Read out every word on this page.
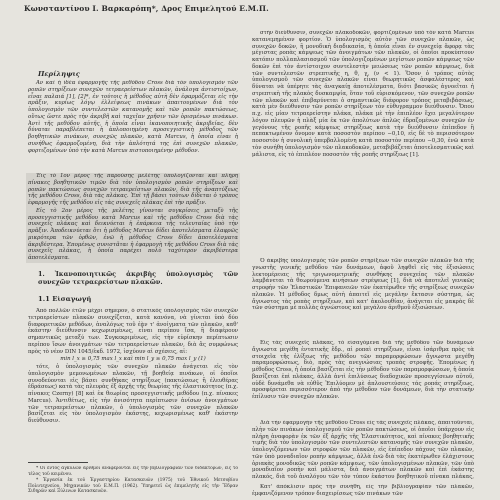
Κωνσταντίνου Ι. Βαρκαρόπη*, Δρος Επιμελητού Ε.Μ.Π.
Περίληψις

Ἀν καὶ ἡ ἰδέα ἐφαρμογῆς τῆς μεθόδου Cross διὰ τὸν ὑπολογισμὸν τῶν ροπῶν στηρίξεων συνεχῶν τετραερείστων πλακῶν, ἀνάλογα ἀντιστοίχων, εἶναι παλαιά [1], [2]*, ἐν τούτοις ἡ μέθοδος αὐτὴ δὲν ἐφαρμόζεται εἰς τὴν πρᾶξιν, κυρίως λόγῳ ἐλλείψεως πινάκων ἀπαιτουμένων διὰ τὸν ὑπολογισμὸν τῶν συντελεστῶν κατανομῆς καὶ τῶν ροπῶν πακτώσεως, οὕτως ὥστε πρὸς τὴν ἀκριβῆ καὶ ταχεῖαν χρῆσιν τῶν ὁρισμένων πινάκων. Ἀντὶ τῆς μεθόδου αὐτῆς, ἡ ὁποία εἶναι ἱκανοποιητικῆς ἀκριβείας, δὲν δύναται παραβλέπεται ἡ ἀπλοποιημένη προσεγγιστικὴ μέθοδος τῶν βοηθητικῶν πινάκων, συνεχῶς πλακῶν, κατὰ Marcus, ἡ ὁποία εἶναι ἡ συνήθως ἐφαρμοζομένη, διὰ τὴν ἀπλότητά της ἐπὶ συνεχῶν πλακῶν, φορτιζομένων ὑπὸ τὴν κατὰ Marcus πιστοποιημένην μέθοδον.

Ἐις τὸ 1ον μέρος τῆς παρούσης μελέτης ὑπολογίζονται καὶ πλήρη πίνακες βοηθητικῶν τιμῶν διὰ τὸν ὑπολογισμὸν ροπῶν στηρίξεων καὶ ροπῶν πακτώσεως συνεχῶν τετραερείστων πλακῶν, διὰ τῆς ἀναπτύξεως τῆς μεθόδου Cross, διὰ τὰς πλάκας. Ἐπὶ τῇ βάσει τούτων δίδεται ὁ τρόπος ἐφαρμογῆς τῆς μεθόδου εἰς τὰς συνεχεῖς πλάκας ἐπὶ τὴν πρᾶξιν.

Εἰς τὸ 2ον μέρος τῆς μελέτης γίνονται συγκρίσεις μεταξὺ τῆς προσεγγιστικῆς μεθόδου κατὰ Marcus καὶ τῆς μεθόδου Cross διὰ τὰς συνεχεῖς πλάκας καὶ δεικνύεται ἡ ἐπάρκεια τῆς τελευταίας ὑπὸ τὴν πρᾶξιν. Ἀποδεικνύεται ὅτι ἡ μέθοδος Marcus δίδει ἀποτελέσματα ἐλαφρῶς μικρότερα τῶν ὀρθῶν, ἐνῶ ἡ μέθοδος Cross δίδει ἀποτελέσματα ἀκριβέστερα. Ἑπομένως συνιστᾶται ἡ ἐφαρμογὴ τῆς μεθόδου Cross διὰ τὰς συνεχεῖς πλάκας, ἡ ὁποία παρέχει πολὺ ταχύτερον ἀκριβέστερα ἀποτελέσματα.

1. Ἰκανοποιητικῶς ἀκριβὴς ὑπολογισμὸς τῶν συνεχῶν τετραερείστων πλακῶν.
1.1 Εἰσαγωγή

Ἀπὸ πολλῶν ἐτῶν μέχρι σήμερον, ὁ στατικὸς ὑπολογισμὸς τῶν συνεχῶν τετραερείστων πλακῶν συνεχίζεται, κατὰ κανόνα, νὰ γίνεται ὑπὸ δύο διαφορετικῶν μεθόδων, ἀναλόγως τοῦ ἐὰν τ' ἀνοίγματα τῶν πλακῶν, καθ' ἑκάστην διεύθυνσιν κεχωρισμένως, εἶναι περίπου ἴσα, ἢ διαφέρουν σημαντικῶς μεταξύ των. Συγκεκριμένως, εἰς τὴν εὑρίσκην περίπτωσιν περίπου ἴσων ἀνοιγμάτων τῶν τετραερείστων πλακῶν, διὰ ἃς συμφώνως πρὸς τὸ νέον DIN 1045/ἑκδ. 1972, ἰσχύουν αἱ σχέσεις, αἱ:

min l_x ≥ 0,75 max l_x καὶ min l_y ≥ 0,75 max l_y (1)

τότε, ὁ ὑπολογισμὸς τῶν συνεχῶν πλακῶν ἀνάγεται εἰς τὸν ὑπολογισμὸν μεμονωμένων πλακῶν, τῇ βοηθείᾳ πινάκων, οἱ ὁποῖοι συνοδεύονται εἰς βάσει συνθήκας στηρίξεως (πακτώσεως ἢ ἐλευθέρας ἐδράσεως) κατὰ τὰς πλευρὰς ἐξ ἀρχῆς τῆς θεωρίας τῆς ἐλαστικότητος (π.χ. πίνακες Czerny) [8] καὶ ἐκ θεωρίας προσεγγιστικῆς μεθόδου (π.χ. πίνακες Marcus). Ἀντιθέτως, εἰς τὴν ἀνισότητα περίπτωσιν ἀνίσων ἀνοιγμάτων τῶν τετραερείστων πλακῶν, ὁ ὑπολογισμὸς τῶν συνεχῶν πλακῶν βασίζεται εἰς τὸν ὑπολογισμὸν ἐκάστης, κεχωρισμένως καθ' ἑκάστην διεύθυνσιν.

* Οἱ ἐντὸς ἀγκυλῶν ἀριθμοὶ ἀναφέρονται εἰς τὴν βιβλιογραφίαν τῶν διδακτόρων, εἰς τὸ τέλος τοῦ κειμένου.

* Ἐργασία ἐκ τοῦ Ἐργαστηρίου Κατασκευῶν (1975) τοῦ Ἐθνικοῦ Μετσοβίου Πολυτεχνείου, Μηχανικῶν τοῦ Ε.Μ.Π. (1962). Ὑπηρετεῖ ὡς ἐπιμελητὴς εἰς τὴν Ἕδραν Σιδηρῶν καὶ Ξύλινων Κατασκευῶν.

στὴν διεύθυνσιν, συνεχῶν πλακοδοκῶν, φορτιζομένων ὑπὸ τὸν κατὰ Marcus κατανεμημένον φορτίον. Ὁ ὑπολογισμὸς αὐτὸν τῶν συνεχῶν πλακῶν, ὡς συνεχῶν δοκῶν, ἢ μονοδικὴ διαδικασία, ἡ ὁποία εἶναι ἐν συνεχείᾳ ἄφορᾳ τὰς μέγιστας ροπὰς κάμψεως τῶν ἀνοιγμάτων τῶν πλακῶν, οἱ ὁποῖοι προκύπτουν κατόπιν πολλαπλασιασμοῦ τῶν ὑπολογιζομένων μεγίστων ροπῶν κάμψεως τῶν δοκῶν ἐπὶ τὸν ἀντίστοιχον συντελεστὴν μειώσεως τῶν ροπῶν κάμψεως, διὰ τῶν συντελεστῶν στρεπτικῆς η, θ, γ, (ν < 1). Ὅσον ὁ τρόπος αὐτὸς ὑπολογισμοῦ τῶν συνεχῶν πλακῶν εἶναι θεωρητικῶς ἀσφαλέστερος καὶ δύναται νὰ ὑπέρητε τὰς ἀναγκαίῃ ἀποτελέσματα, διότι βασικῶς ἀγνοεῖται ἡ στρεπτικὴ τῆς πλακὸς δυσκαμψία, ὅταν τοῦ εὐρισκόμενον, τῶν συνεχῶν ροπῶν τῶν πλακῶν καὶ ἐπιβαρύνεται ὁ σημαντικῶς διάφορον τρόπος μεταβιβάσεως, κατὰ μὲν διεύθυνσιν τῶν ροπῶν στηρίξεων τὸν εὐθυγραμμον διεύθυνσιν. Ὄπου π.χ. εἰς μίαν τετραερείστην πλάκα, πλάκα μὲ τὴν ἐπιπλέον ἔχει μεγαλύτερον λόγον πλευρῶν ἡ πλὰξ μία ἐκ τῶν ἀπολύτων ἀπλῶς ἐδραζομένων συνεχῶν ἐν γεγόνους τῆς ροπῆς κάμψεως στηρίξεως κατὰ τὴν διεύθυνσιν ἐπίπεδον ἢ πεπακτωμένον ὄνομον κατὰ ποσοστὸν περίπου −0,10, εἰς δὲ τὸ περισσότερον ποσοστὸν ἡ συνολικὴ ὑπερβαλλομένη κατὰ ποσοστὸν περίπου −0,30, ἐνῶ κατὰ τὸν συνήθη ὑπολογισμὸν τῶν πλακοδοκῶν, μεταβιβάζεται ἀποτελεσματικῶς καὶ μάλιστα, εἰς τὸ ἐπιπλέον ποσοστὸν τῆς ροπῆς στηρίξεως [1].

Ὁ ἀκριβὴς ὑπολογισμὸς τῶν ροπῶν στηρίξεων τῶν συνεχῶν πλακῶν διὰ τῆς γνωστῆς γενικῆς μεθόδου τῶν δυνάμεων, ἀφοῦ ληφθεῖ εἰς τὰς ἐξισώσεις λεκτομέρειας τῆς τριγωνομετρικῆς συνθήκης συνεχείας τῶν πλακῶν λαμβάνεται τὰ θεωρούμενα κινήσεων στρέψεως [1], διὰ νὰ ἀποτελεῖ γενικῶς στροφὴν τῶν Ἐλαστικῶν Ἐπιφανειῶν τῶν ἑκατέρωθεν τῆς στηρίξεως συνεχῶν πλακῶν. Ἡ μέθοδος δμως αὐτὴ ἀπαιτεῖ εἰς μεγάλην ἔκτασιν σύστημα, ὡς ἄγνωστος τὰς ροπὰς στηρίξεων, καὶ κατ' ἀκολουθίαν, ἀνάγεται εἰς μακρὰς δἐ τῶν σύστημα μὲ πολλὰς ἀγνώστους καὶ μεγάλου ἀριθμοῦ ἐξισώσεων.

Εἰς τὰς συνεχεῖς πλάκας, τὸ εἰσαγόμενα διὰ τῆς μεθόδου τῶν δυνάμεων ἄγνωστα μεγέθη ἐντατικῆς ἕδρ., αἱ ροπαὶ στηρίξεων, εἶναι ἰσάριθμα πρὸς τὰ στοιχεῖα τῆς ἐλίξεως τῆς μεθόδου τῶν παραμορφώσεων ἄγνωστα μεγέθη παραμορφώσεως, διὸ, πρὸς τὰς ανεγνώσιας τροπὰς στροφῆς. Ἑπομένως ἡ μέθοδος Cross, ἡ ὁποία βασίζεται εἰς τὴν μέθοδον τῶν παραμορφώσεων, ἡ ὁποία βασίζεται ἐπὶ πλάκας, ἀλλὰ ἀντὶ ἐπιλύσεως διαδοχικῶν προσεγγίσεων αὐτοῦ, οὐδὲ δυνάμεθα νὰ εὐθῦς Ἐπιλύομεν μὲ ἀπλουστεύσεις τάς ροπάς στηρίξεως, προσφέρεται περισσότερον ἀπὸ τὴν μέθοδον τῶν δυνάμεων, διὰ τὴν στατικὴν ἐπίλυσιν τῶν συνεχῶν πλακῶν.

Διὰ τὴν ἐφαρμογὴν τῆς μεθόδου Cross εἰς τὰς συνεχεῖς πλάκας, ἀπαιτοῦνται, πλὴν τῶν πινάκων ὑπολογισμοῦ τῶν ροπῶν πακτώσεως, οἱ ὁποῖοι ὑπάρχουν εἰς πλήρη ἀναφορὰν ἐκ τῶν ἐξ ἀρχῆς τῆς Ἐλαστικότητος, καὶ πίνακες βοηθητικῆς τιμῆς διὰ τὸν ὑπολογισμὸν τῶν συντελεστῶν κατανομῆς τῶν συνεχῶν πλακῶν, ὑπολογιζόμενων τῶν στροφῶν τῶν πλακῶν, εἰς ἐπίπεδον πάχους τῶν πλακῶν, τῶν ὑπὸ μοναδιαῖον ροπὴν κάμψεως, ἀλλὰ ἐνῶ διὰ τὰς ἑκατέρωθεν ἐλάχιστους ὁριακὰς μονοδικῶς τῶν ροπῶν κάμψεως, τῶν ὑπολογισμένων πλακῶν, τῶν ὑπὸ μοναδιαῖον ροπὴν καὶ μάλιστα, διὰ ἀνοιγμάτων πλακῶν καὶ ἐπὶ ἐκάστης πλακός, διὰ τοῦ ἀναλόγου τῶν τὸν τύπον ἑκάστου βοηθητικοῦ πίνακα πλάκας,

Κατ' ἀπόκλισιν πρὸς τὴν συνήθη, εἰς τὴν βιβλιογραφίαν τῶν πλακῶν, ἐμφανιζόμενον τρόπον διαχειρίσεως τῶν πινάκων τῶν
